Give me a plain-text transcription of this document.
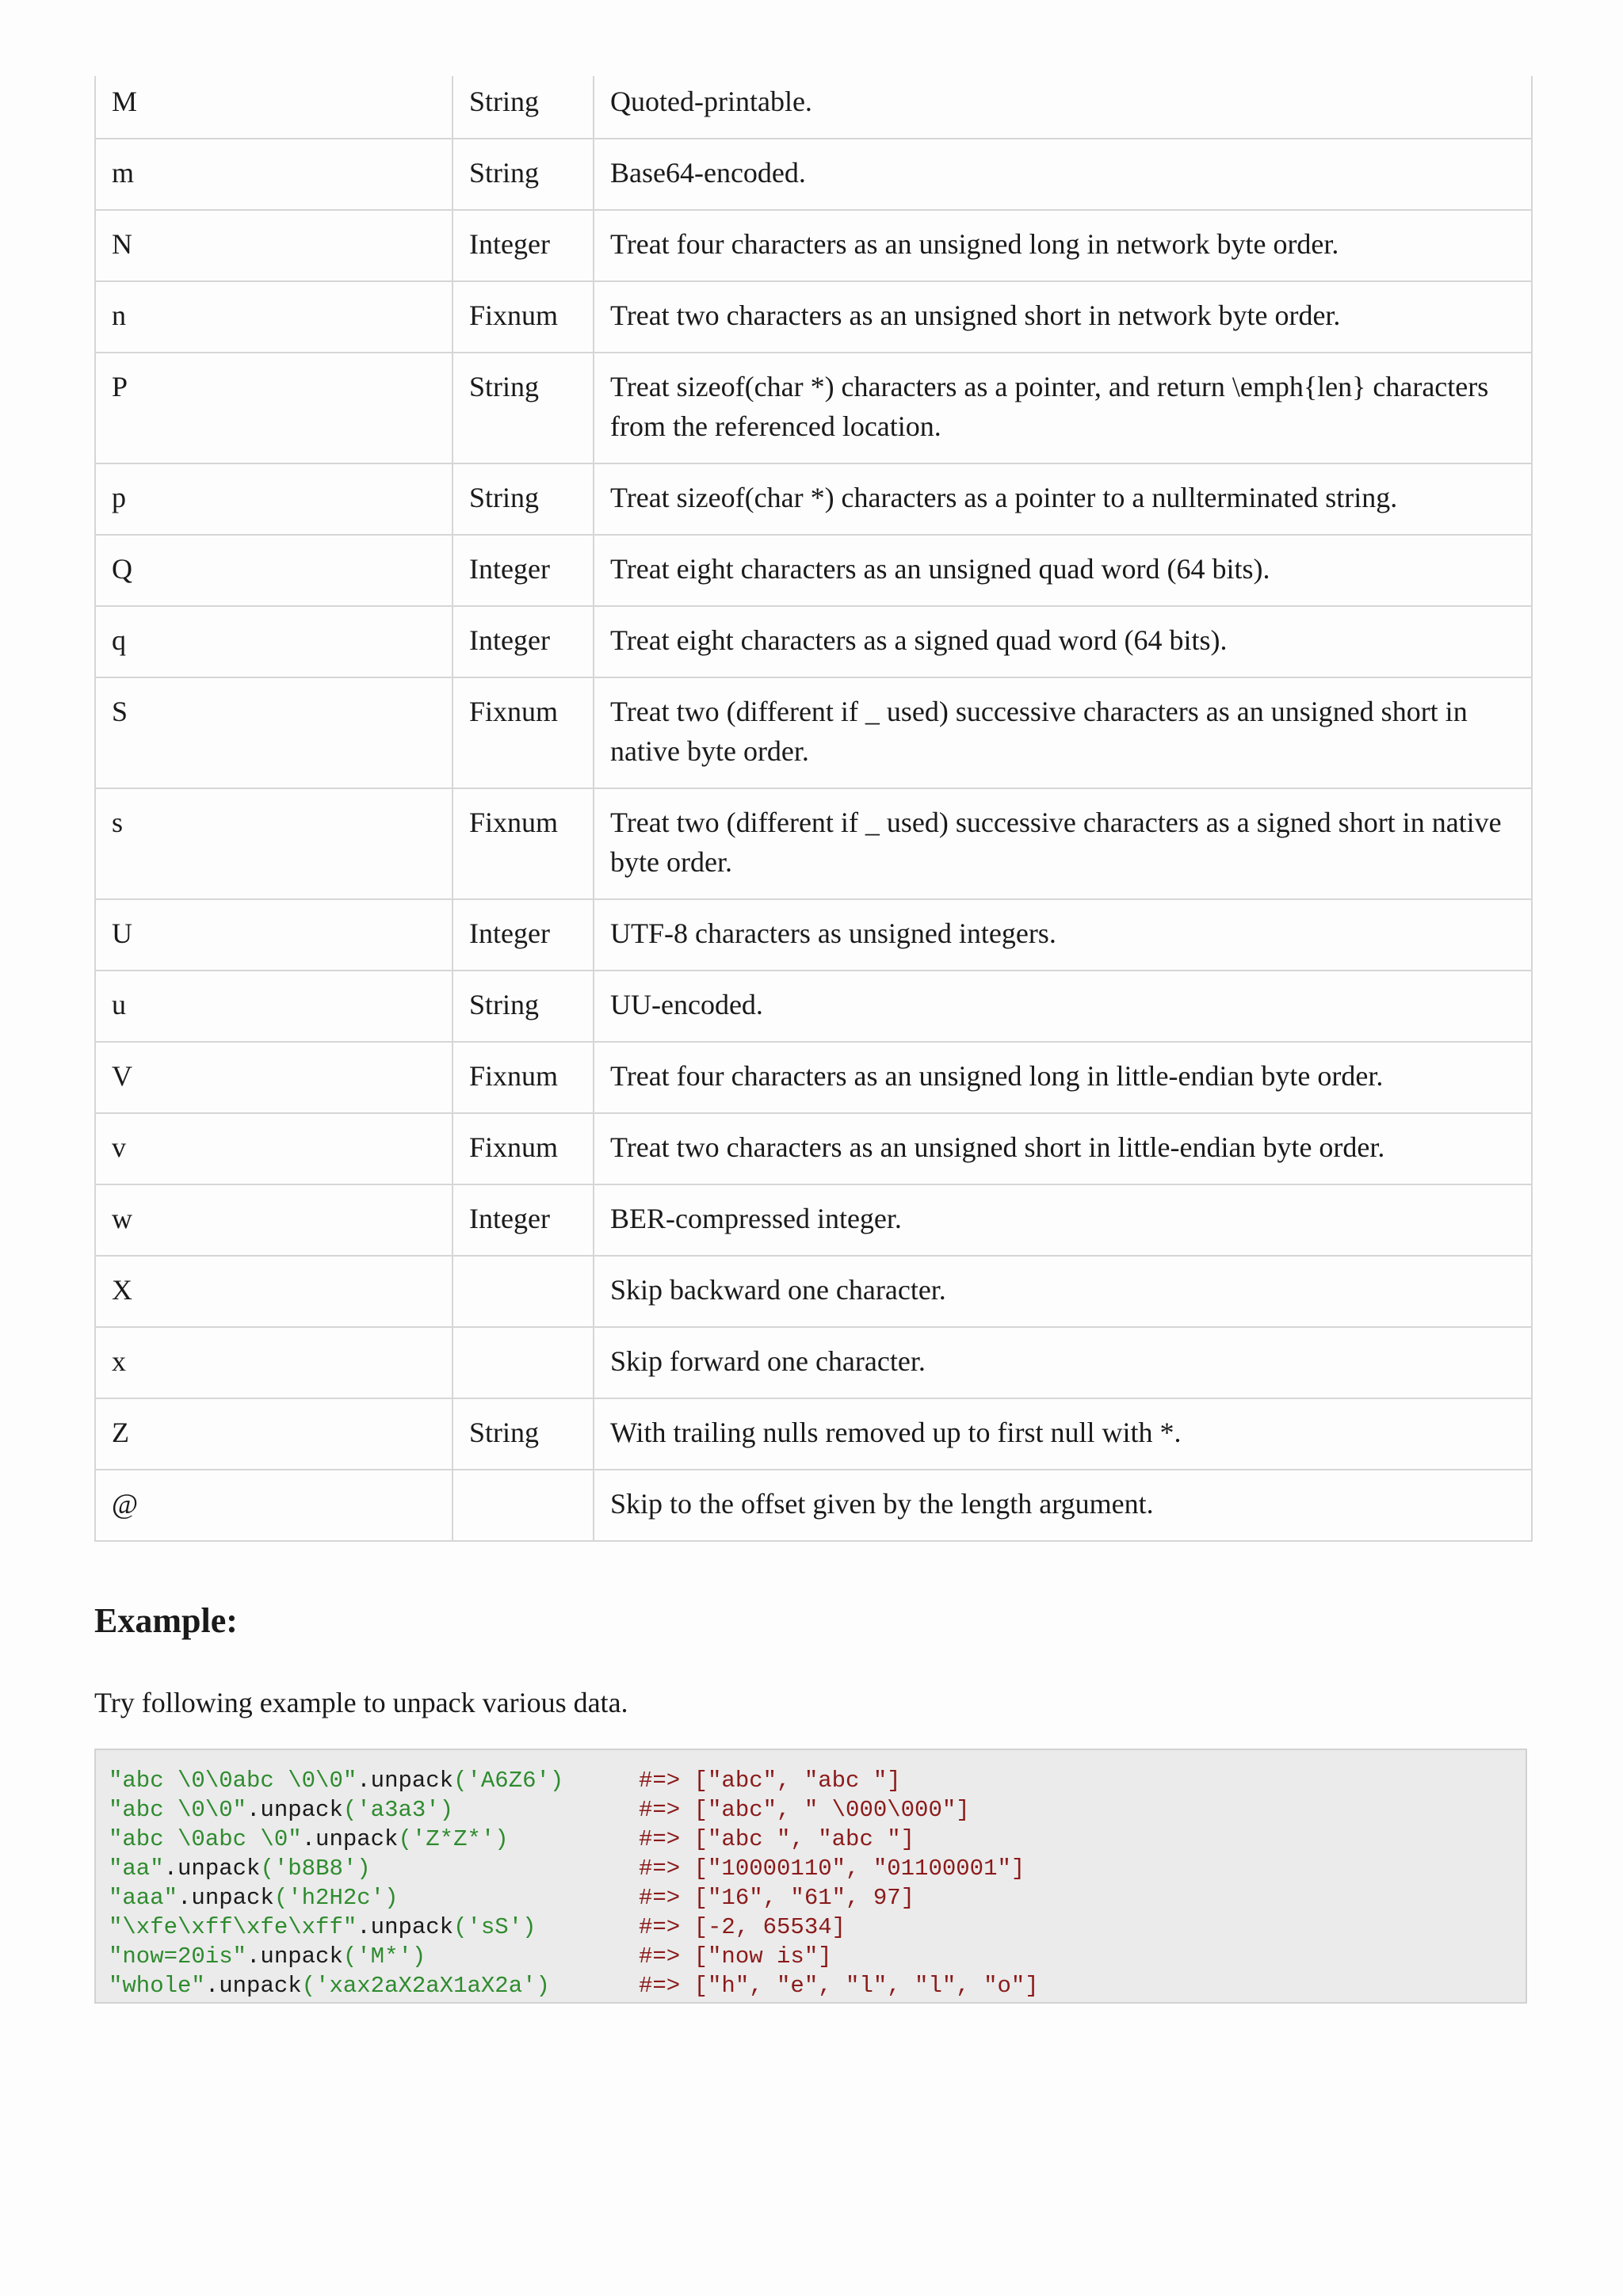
M	String	Quoted-printable.
m	String	Base64-encoded.
N	Integer	Treat four characters as an unsigned long in network byte order.
n	Fixnum	Treat two characters as an unsigned short in network byte order.
P	String	Treat sizeof(char *) characters as a pointer, and return \emph{len} characters from the referenced location.
p	String	Treat sizeof(char *) characters as a pointer to a nullterminated string.
Q	Integer	Treat eight characters as an unsigned quad word (64 bits).
q	Integer	Treat eight characters as a signed quad word (64 bits).
S	Fixnum	Treat two (different if _ used) successive characters as an unsigned short in native byte order.
s	Fixnum	Treat two (different if _ used) successive characters as a signed short in native byte order.
U	Integer	UTF-8 characters as unsigned integers.
u	String	UU-encoded.
V	Fixnum	Treat four characters as an unsigned long in little-endian byte order.
v	Fixnum	Treat two characters as an unsigned short in little-endian byte order.
w	Integer	BER-compressed integer.
X		Skip backward one character.
x		Skip forward one character.
Z	String	With trailing nulls removed up to first null with *.
@		Skip to the offset given by the length argument.
Example:

Try following example to unpack various data.

"abc \0\0abc \0\0".unpack('A6Z6')

	#=> ["abc", "abc "]

"abc \0\0".unpack('a3a3')

	#=> ["abc", " \000\000"]

"abc \0abc \0".unpack('Z*Z*')

	#=> ["abc ", "abc "]

"aa".unpack('b8B8')

	#=> ["10000110", "01100001"]

"aaa".unpack('h2H2c')

	#=> ["16", "61", 97]

"\xfe\xff\xfe\xff".unpack('sS')

	#=> [-2, 65534]

"now=20is".unpack('M*')

	#=> ["now is"]

"whole".unpack('xax2aX2aX1aX2a')

	#=> ["h", "e", "l", "l", "o"]
